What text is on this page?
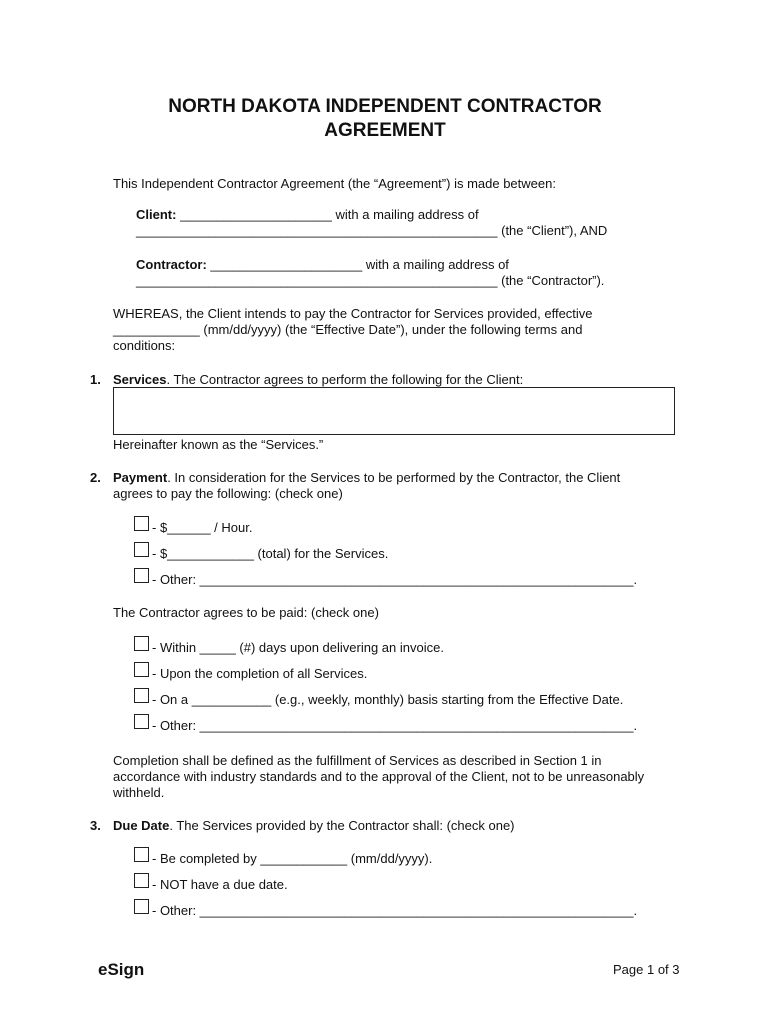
NORTH DAKOTA INDEPENDENT CONTRACTOR
AGREEMENT
This Independent Contractor Agreement (the “Agreement”) is made between:
Client: _____________________ with a mailing address of
__________________________________________________ (the “Client”), AND
Contractor: _____________________ with a mailing address of
__________________________________________________ (the “Contractor”).
WHEREAS, the Client intends to pay the Contractor for Services provided, effective
____________ (mm/dd/yyyy) (the “Effective Date”), under the following terms and
conditions:
1. Services. The Contractor agrees to perform the following for the Client:
Hereinafter known as the “Services.”
2. Payment. In consideration for the Services to be performed by the Contractor, the Client
agrees to pay the following: (check one)
- $______ / Hour.
- $____________ (total) for the Services.
- Other: ____________________________________________________________.
The Contractor agrees to be paid: (check one)
- Within _____ (#) days upon delivering an invoice.
- Upon the completion of all Services.
- On a ___________ (e.g., weekly, monthly) basis starting from the Effective Date.
- Other: ____________________________________________________________.
Completion shall be defined as the fulfillment of Services as described in Section 1 in
accordance with industry standards and to the approval of the Client, not to be unreasonably
withheld.
3. Due Date. The Services provided by the Contractor shall: (check one)
- Be completed by ____________ (mm/dd/yyyy).
- NOT have a due date.
- Other: ____________________________________________________________.
eSign	Page 1 of 3
